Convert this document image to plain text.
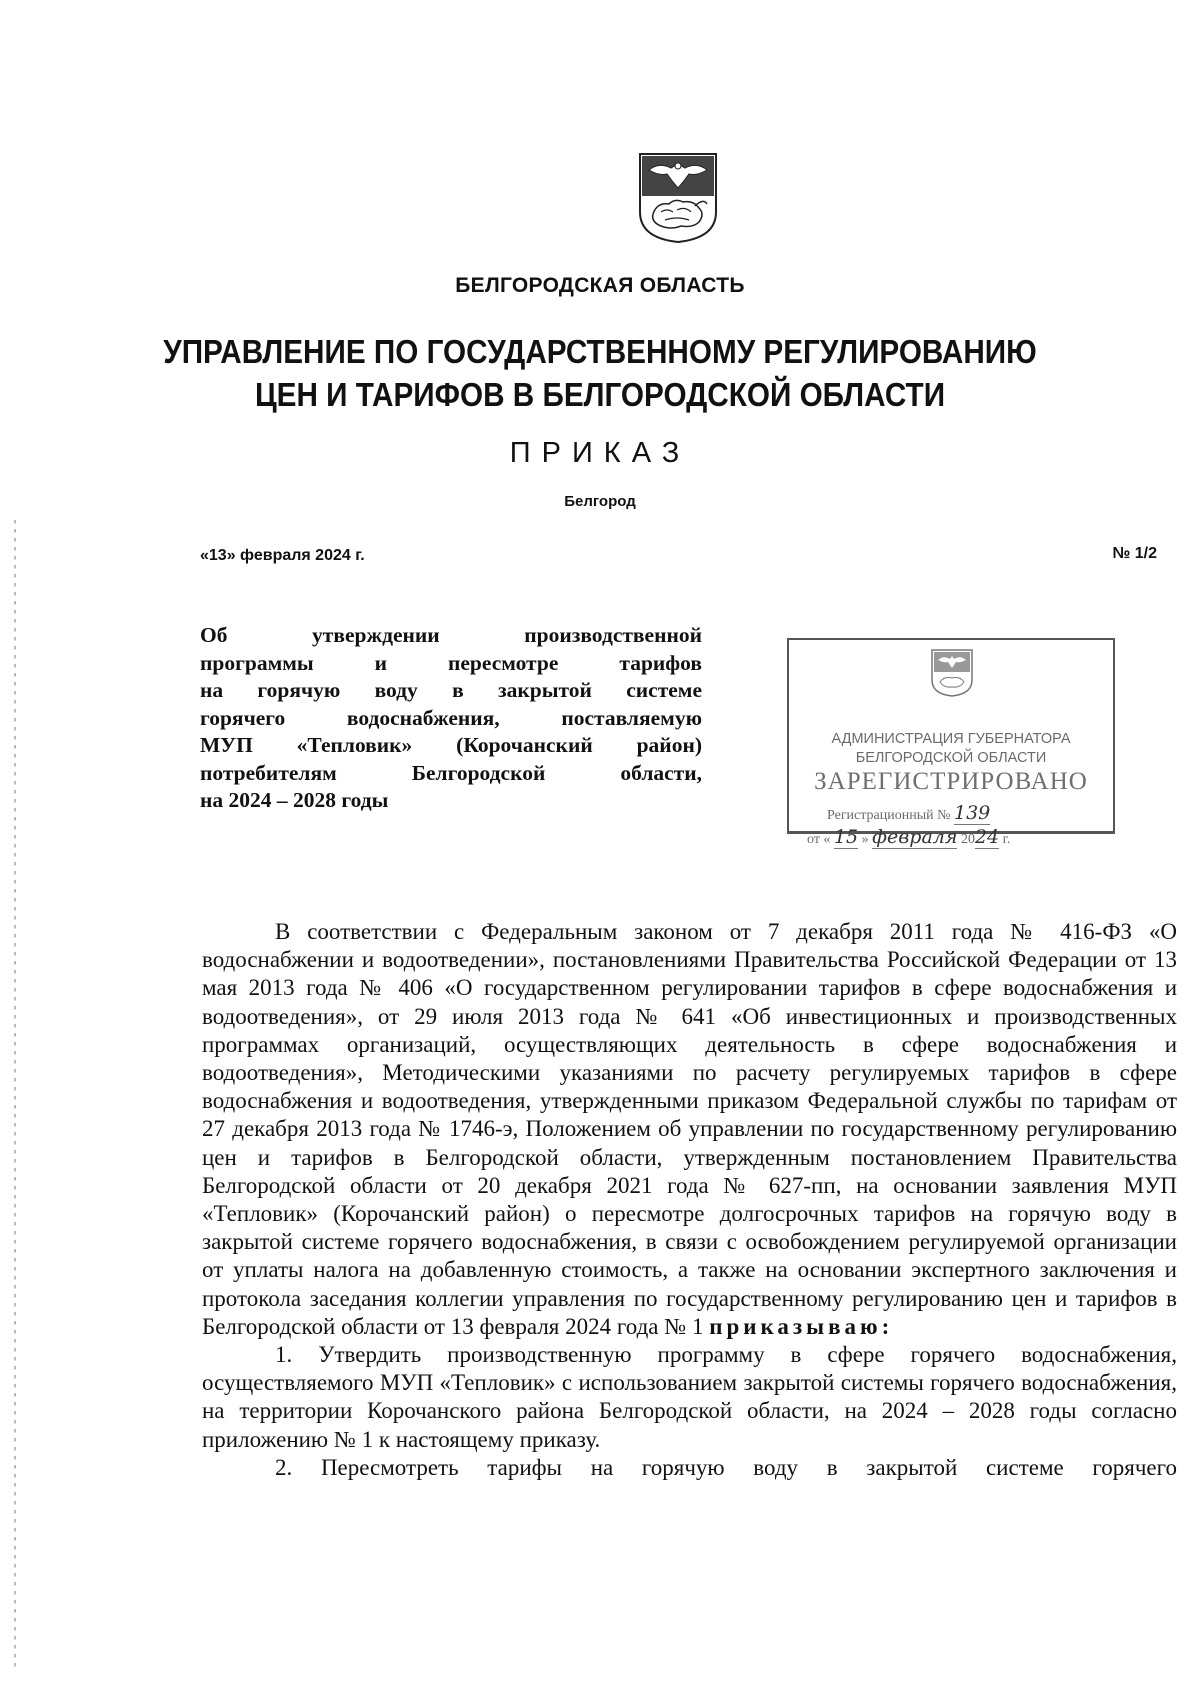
БЕЛГОРОДСКАЯ ОБЛАСТЬ
УПРАВЛЕНИЕ ПО ГОСУДАРСТВЕННОМУ РЕГУЛИРОВАНИЮ
ЦЕН И ТАРИФОВ В БЕЛГОРОДСКОЙ ОБЛАСТИ
ПРИКАЗ
Белгород
«13» февраля 2024 г.	№ 1/2
Об утверждении производственной
программы и пересмотре тарифов
на горячую воду в закрытой системе
горячего водоснабжения, поставляемую
МУП «Тепловик» (Корочанский район)
потребителям Белгородской области,
на 2024 – 2028 годы
АДМИНИСТРАЦИЯ ГУБЕРНАТОРА
БЕЛГОРОДСКОЙ ОБЛАСТИ
ЗАРЕГИСТРИРОВАНО
Регистрационный № 139
от « 15 » февраля 2024 г.

В соответствии с Федеральным законом от 7 декабря 2011 года № 416-ФЗ «О водоснабжении и водоотведении», постановлениями Правительства Российской Федерации от 13 мая 2013 года № 406 «О государственном регулировании тарифов в сфере водоснабжения и водоотведения», от 29 июля 2013 года № 641 «Об инвестиционных и производственных программах организаций, осуществляющих деятельность в сфере водоснабжения и водоотведения», Методическими указаниями по расчету регулируемых тарифов в сфере водоснабжения и водоотведения, утвержденными приказом Федеральной службы по тарифам от 27 декабря 2013 года № 1746-э, Положением об управлении по государственному регулированию цен и тарифов в Белгородской области, утвержденным постановлением Правительства Белгородской области от 20 декабря 2021 года № 627-пп, на основании заявления МУП «Тепловик» (Корочанский район) о пересмотре долгосрочных тарифов на горячую воду в закрытой системе горячего водоснабжения, в связи с освобождением регулируемой организации от уплаты налога на добавленную стоимость, а также на основании экспертного заключения и протокола заседания коллегии управления по государственному регулированию цен и тарифов в Белгородской области от 13 февраля 2024 года № 1 приказываю:

1. Утвердить производственную программу в сфере горячего водоснабжения, осуществляемого МУП «Тепловик» с использованием закрытой системы горячего водоснабжения, на территории Корочанского района Белгородской области, на 2024 – 2028 годы согласно приложению № 1 к настоящему приказу.

2. Пересмотреть тарифы на горячую воду в закрытой системе горячего
